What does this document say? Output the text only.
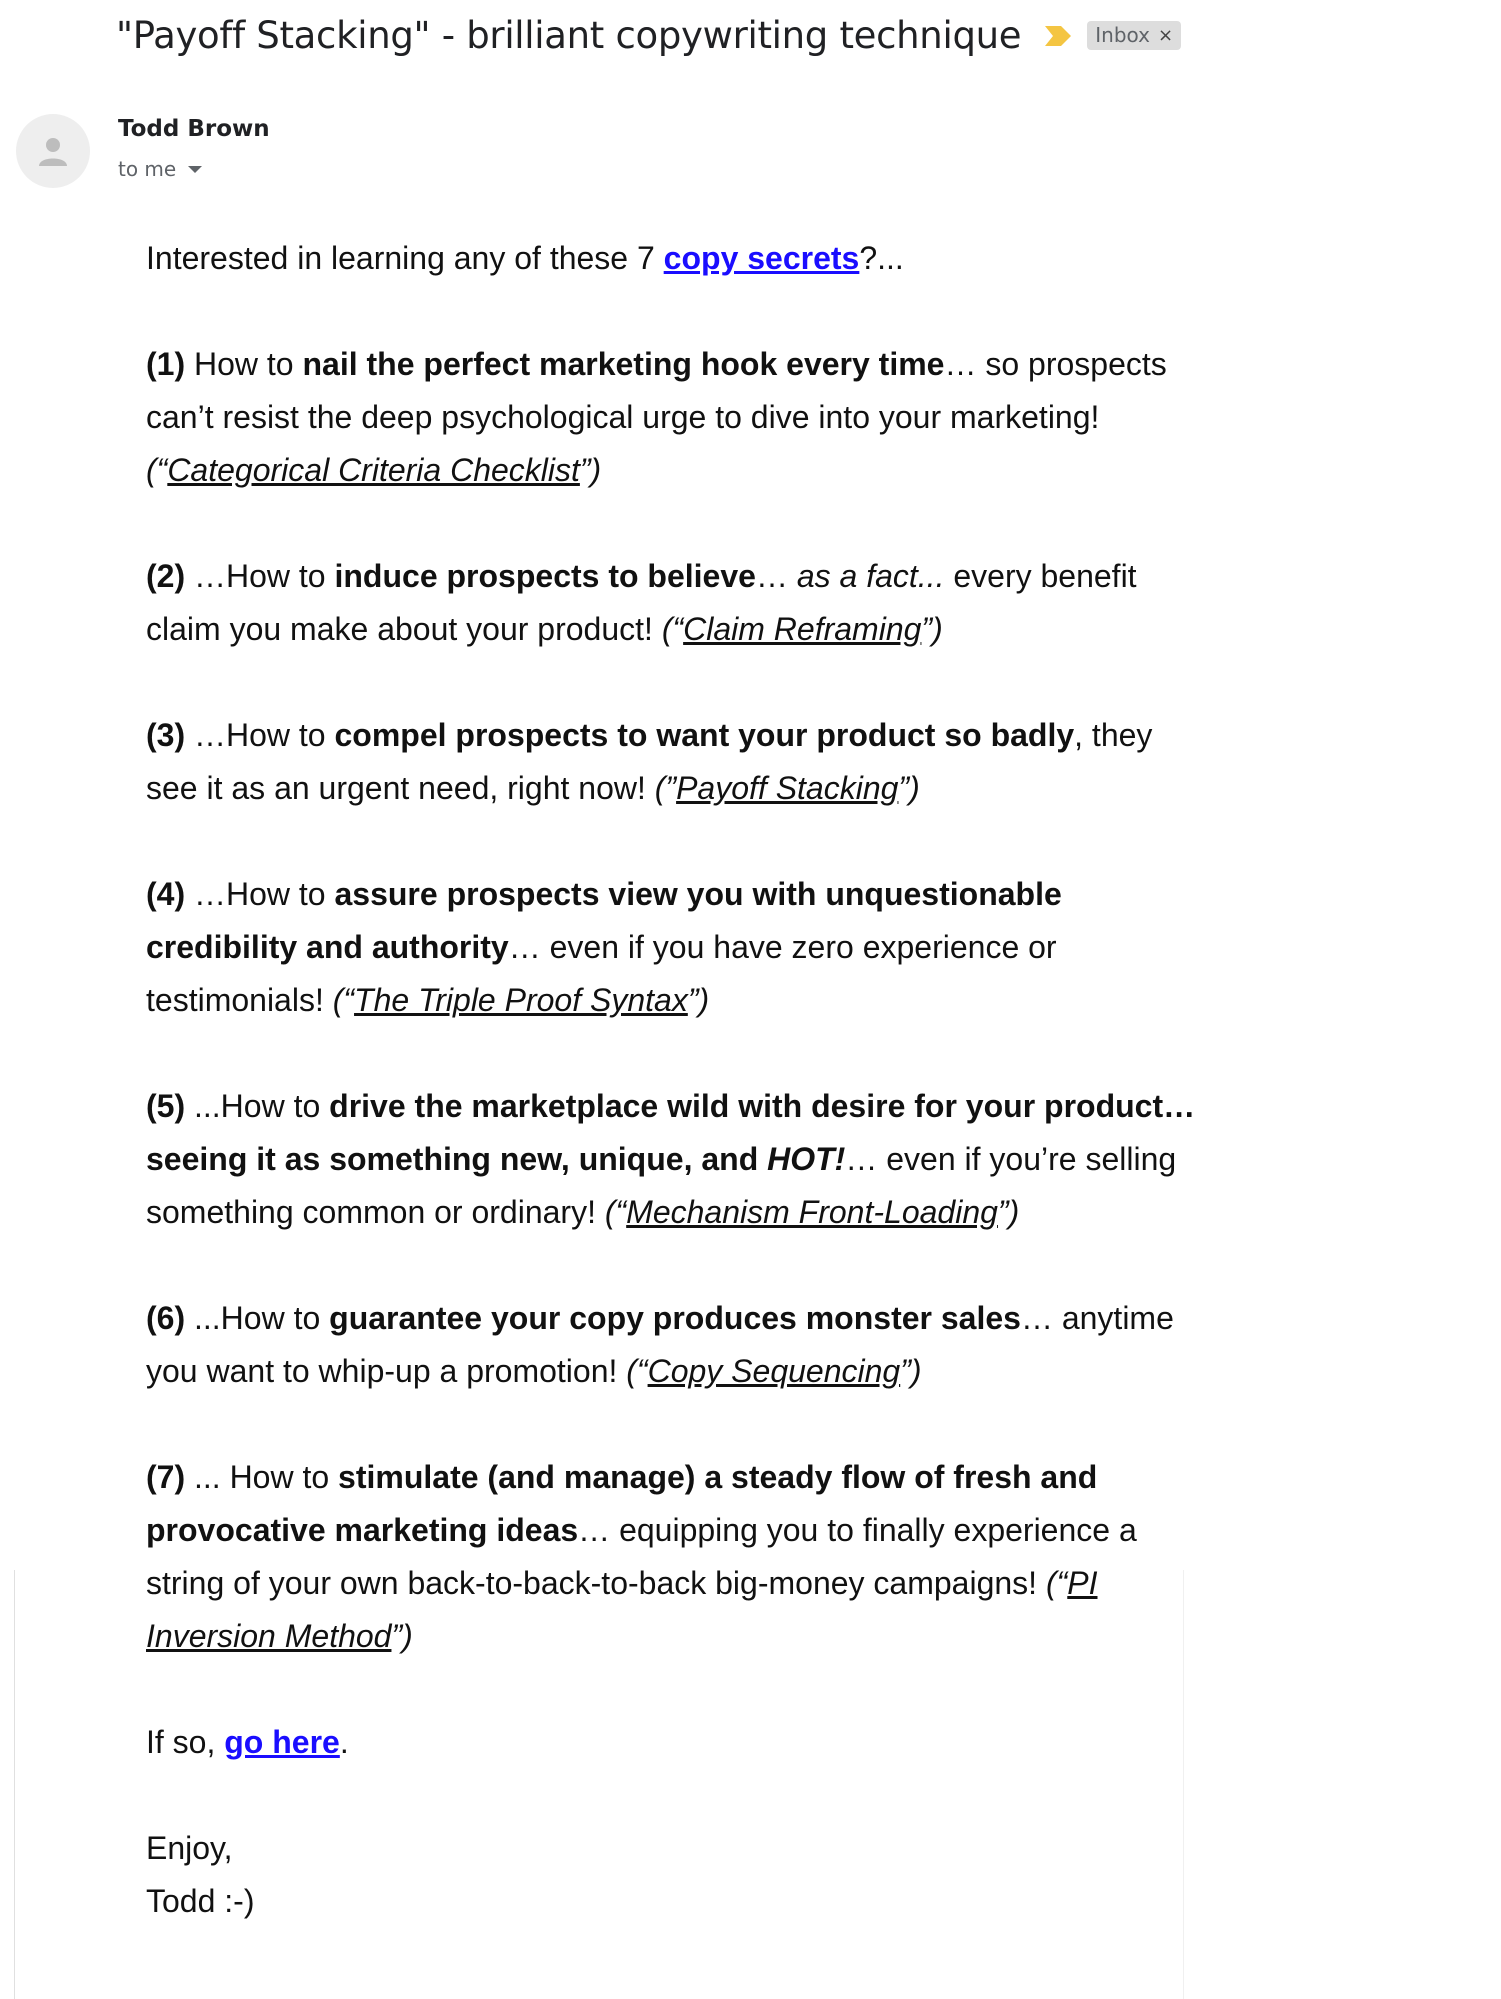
"Payoff Stacking" - brilliant copywriting technique	Inbox ×
Todd Brown
to me

Interested in learning any of these 7 copy secrets?...

(1) How to nail the perfect marketing hook every time… so prospects can’t resist the deep psychological urge to dive into your marketing! (“Categorical Criteria Checklist”)

(2) …How to induce prospects to believe… as a fact... every benefit claim you make about your product! (“Claim Reframing”)

(3) …How to compel prospects to want your product so badly, they see it as an urgent need, right now! (”Payoff Stacking”)

(4) …How to assure prospects view you with unquestionable credibility and authority… even if you have zero experience or testimonials! (“The Triple Proof Syntax”)

(5) ...How to drive the marketplace wild with desire for your product… seeing it as something new, unique, and HOT!… even if you’re selling something common or ordinary! (“Mechanism Front-Loading”)

(6) ...How to guarantee your copy produces monster sales… anytime you want to whip-up a promotion! (“Copy Sequencing”)

(7) ... How to stimulate (and manage) a steady flow of fresh and provocative marketing ideas… equipping you to finally experience a string of your own back-to-back-to-back big-money campaigns! (“PI Inversion Method”)

If so, go here.

Enjoy,
Todd :-)
